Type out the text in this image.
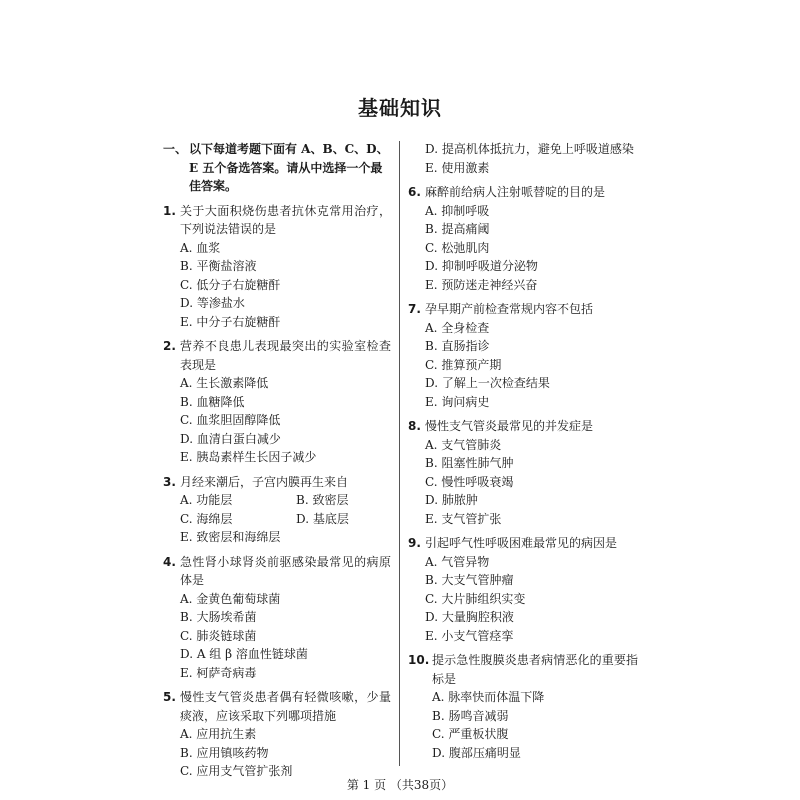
基础知识
一、 以下每道考题下面有 A、B、C、D、E 五个备选答案。请从中选择一个最佳答案。
1. 关于大面积烧伤患者抗休克常用治疗，下列说法错误的是
A. 血浆
B. 平衡盐溶液
C. 低分子右旋糖酐
D. 等渗盐水
E. 中分子右旋糖酐
2. 营养不良患儿表现最突出的实验室检查表现是
A. 生长激素降低
B. 血糖降低
C. 血浆胆固醇降低
D. 血清白蛋白减少
E. 胰岛素样生长因子减少
3. 月经来潮后，子宫内膜再生来自
A. 功能层	B. 致密层
C. 海绵层	D. 基底层
E. 致密层和海绵层
4. 急性肾小球肾炎前驱感染最常见的病原体是
A. 金黄色葡萄球菌
B. 大肠埃希菌
C. 肺炎链球菌
D. A 组 β 溶血性链球菌
E. 柯萨奇病毒
5. 慢性支气管炎患者偶有轻微咳嗽，少量痰液，应该采取下列哪项措施
A. 应用抗生素
B. 应用镇咳药物
C. 应用支气管扩张剂
D. 提高机体抵抗力，避免上呼吸道感染
E. 使用激素
6. 麻醉前给病人注射哌替啶的目的是
A. 抑制呼吸
B. 提高痛阈
C. 松弛肌肉
D. 抑制呼吸道分泌物
E. 预防迷走神经兴奋
7. 孕早期产前检查常规内容不包括
A. 全身检查
B. 直肠指诊
C. 推算预产期
D. 了解上一次检查结果
E. 询问病史
8. 慢性支气管炎最常见的并发症是
A. 支气管肺炎
B. 阻塞性肺气肿
C. 慢性呼吸衰竭
D. 肺脓肿
E. 支气管扩张
9. 引起呼气性呼吸困难最常见的病因是
A. 气管异物
B. 大支气管肿瘤
C. 大片肺组织实变
D. 大量胸腔积液
E. 小支气管痉挛
10. 提示急性腹膜炎患者病情恶化的重要指标是
A. 脉率快而体温下降
B. 肠鸣音减弱
C. 严重板状腹
D. 腹部压痛明显
第 1 页 （共38页）
